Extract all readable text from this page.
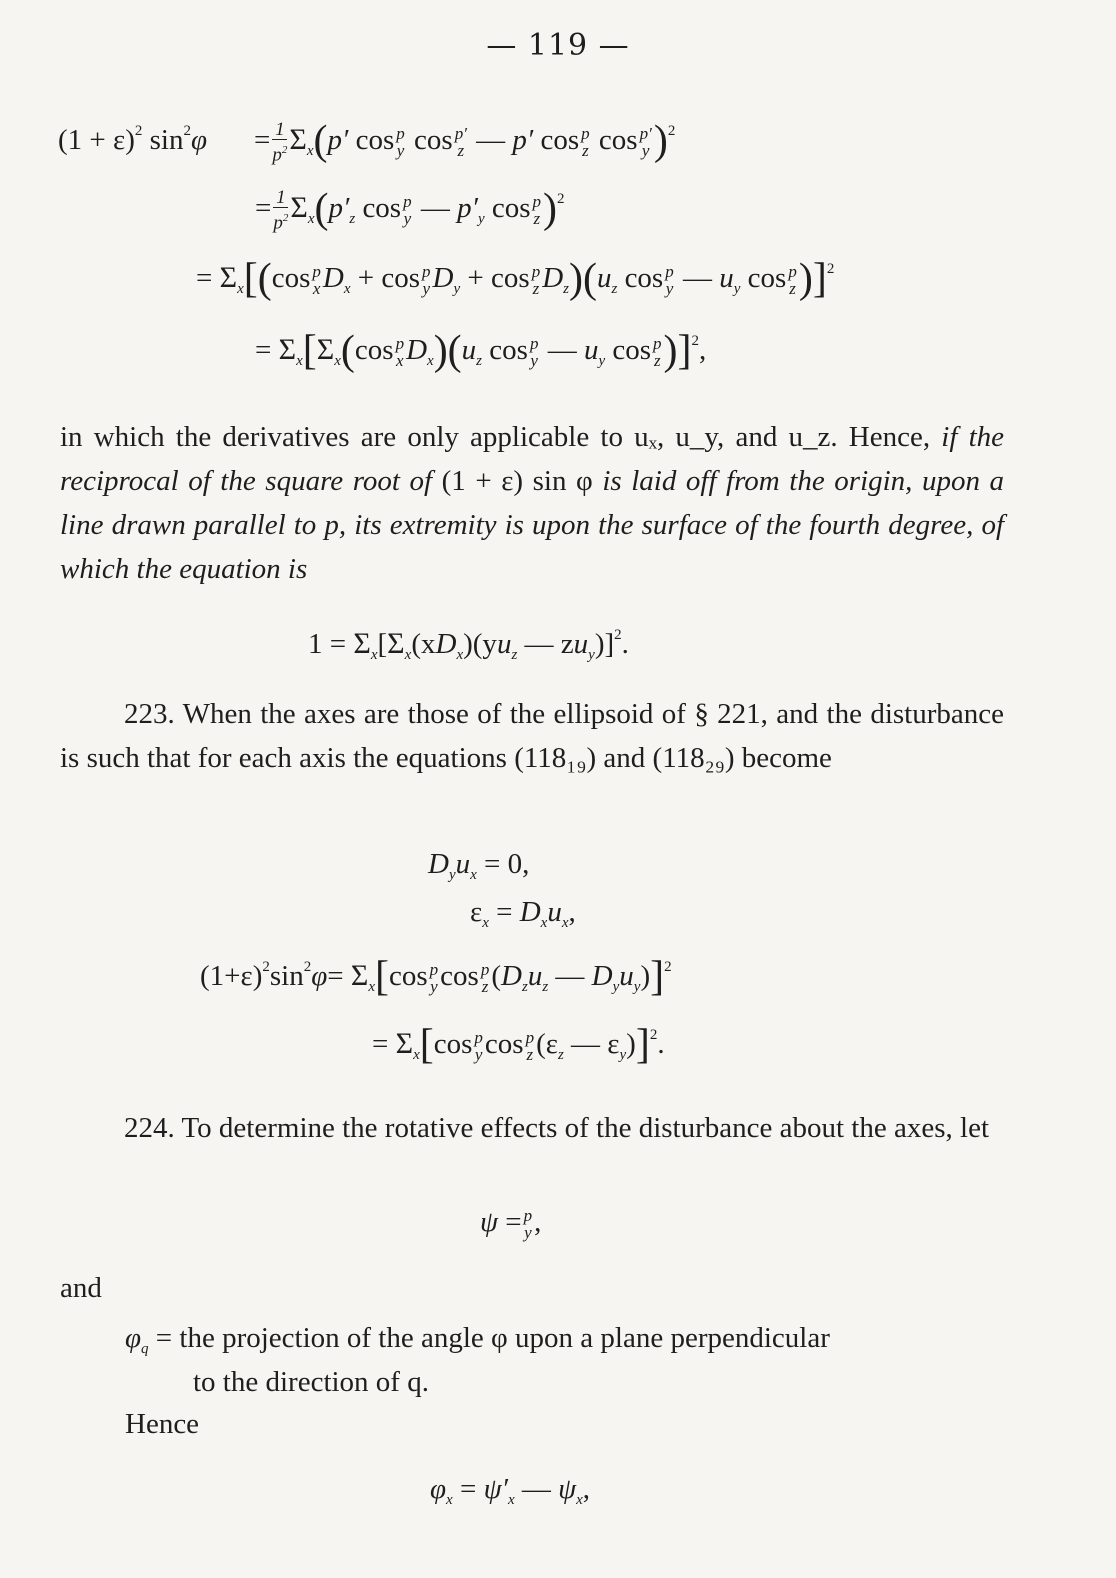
— 119 —
$(1 + \varepsilon)^2$ $\sin^2\varphi = \frac{1}{p^2} \Sigma_x(p'$ cos p
y cos p′
z — p′ cos p
z cos p′
y )$^2$
= $\frac{1}{p^2} \Sigma_x(p'_z$ cos p
y — $p'_y$ cos p
z )$^2$
= $\Sigma_x[(\cos$ p
x $D_x + \cos p$
y $D_y + \cos p$
z $D_z)(u_z$ cos p
y — $u_y$ cos p
z )]$^2$
= $\Sigma_x[\Sigma_x(\cos$ p
x $D_x)(u_z$ cos p
y — $u_y$ cos p
z )]$^2$,
in which the derivatives are only applicable to uₓ, u_y, and u_z. Hence, if the reciprocal of the square root of (1 + ε) sin φ is laid off from the origin, upon a line drawn parallel to p, its extremity is upon the surface of the fourth degree, of which the equation is
$1 = \Sigma_x[\Sigma_x(xD_x)(yu_z$ — $zu_y)]^2$.
223. When the axes are those of the ellipsoid of § 221, and the disturbance is such that for each axis the equations (118₁₉) and (118₂₉) become
$D_yu_x = 0$,
$\varepsilon_x = D_xu_x$,
$(1+\varepsilon)^2\sin^2\varphi= \Sigma_x[\cos$ p
y cos p
z ($D_zu_z$ — $D_yu_y)]^2$
= $\Sigma_x[\cos$ p
y cos p
z ($\varepsilon_z$ — $\varepsilon_y)]^2$.
224. To determine the rotative effects of the disturbance about the axes, let
ψ = p
y ,
and
$\varphi_q$ = the projection of the angle φ upon a plane perpendicular
to the direction of q.
Hence
$\varphi_x = \psi'_x$ — $\psi_x$,
